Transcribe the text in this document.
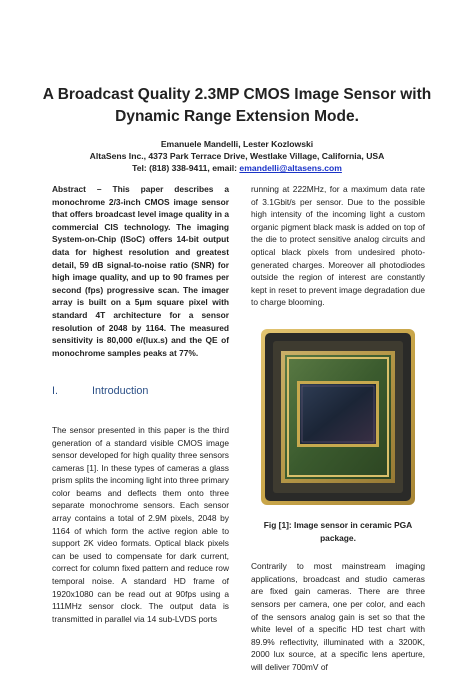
A Broadcast Quality 2.3MP CMOS Image Sensor with Dynamic Range Extension Mode.
Emanuele Mandelli, Lester Kozlowski
AltaSens Inc., 4373 Park Terrace Drive, Westlake Village, California, USA
Tel: (818) 338-9411, email: emandelli@altasens.com

Abstract – This paper describes a monochrome 2/3-inch CMOS image sensor that offers broadcast level image quality in a commercial CIS technology. The imaging System-on-Chip (ISoC) offers 14-bit output data for highest resolution and greatest detail, 59 dB signal-to-noise ratio (SNR) for high image quality, and up to 90 frames per second (fps) progressive scan. The imager array is built on a 5μm square pixel with standard 4T architecture for a sensor resolution of 2048 by 1164. The measured sensitivity is 80,000 e/(lux.s) and the QE of monochrome samples peaks at 77%.

I.	Introduction

The sensor presented in this paper is the third generation of a standard visible CMOS image sensor developed for high quality three sensors cameras [1]. In these types of cameras a glass prism splits the incoming light into three primary color beams and deflects them onto three separate monochrome sensors. Each sensor array contains a total of 2.9M pixels, 2048 by 1164 of which form the active region able to support 2K video formats. Optical black pixels can be used to compensate for dark current, correct for column fixed pattern and reduce row temporal noise. A standard HD frame of 1920x1080 can be read out at 90fps using a 111MHz sensor clock. The output data is transmitted in parallel via 14 sub-LVDS ports

running at 222MHz, for a maximum data rate of 3.1Gbit/s per sensor. Due to the possible high intensity of the incoming light a custom organic pigment black mask is added on top of the die to protect sensitive analog circuits and optical black pixels from undesired photo-generated charges. Moreover all photodiodes outside the region of interest are constantly kept in reset to prevent image degradation due to charge blooming.

Fig [1]: Image sensor in ceramic PGA package.

Contrarily to most mainstream imaging applications, broadcast and studio cameras are fixed gain cameras. There are three sensors per camera, one per color, and each of the sensors analog gain is set so that the white level of a specific HD test chart with 89.9% reflectivity, illuminated with a 3200K, 2000 lux source, at a specific lens aperture, will deliver 700mV of
